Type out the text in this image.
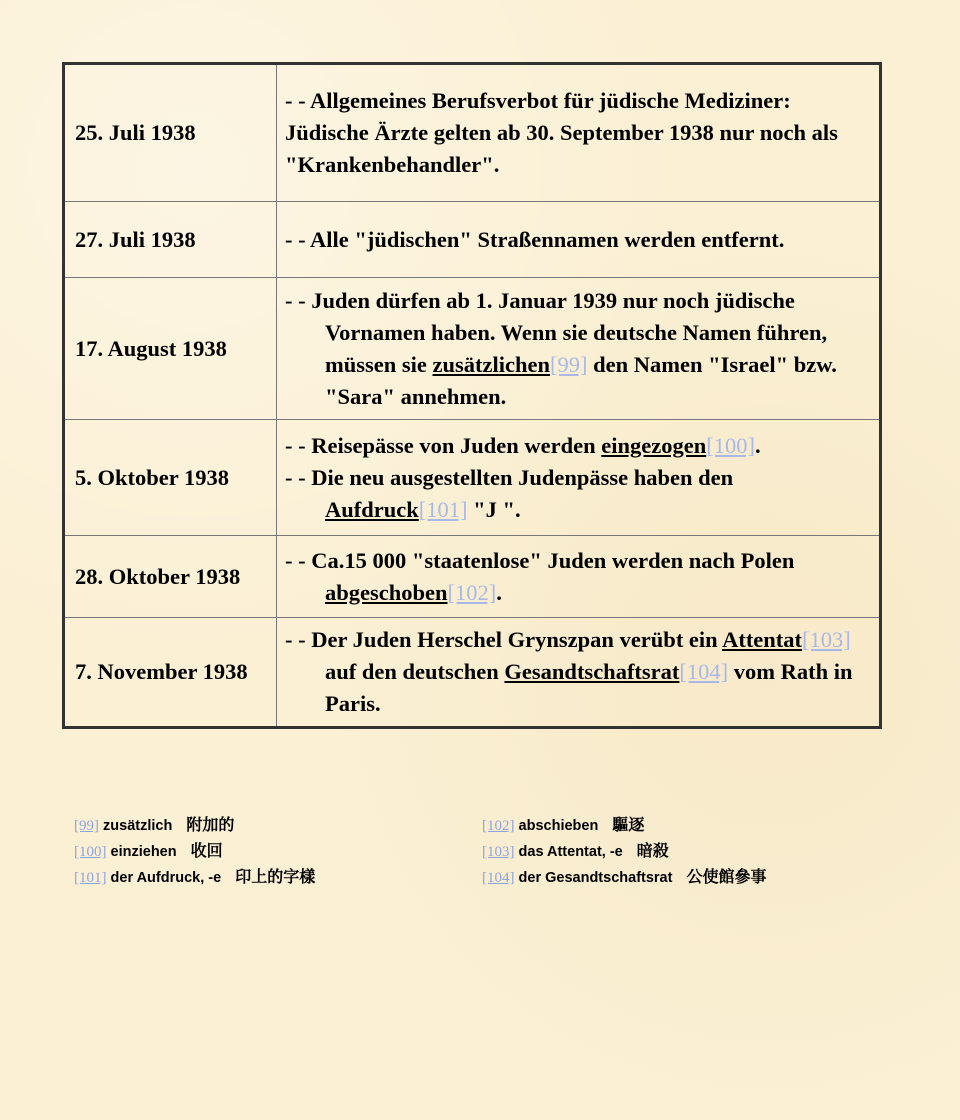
25. Juli 1938	- - Allgemeines Berufsverbot für jüdische Mediziner: Jüdische Ärzte gelten ab 30. September 1938 nur noch als "Krankenbehandler".

27. Juli 1938	- - Alle "jüdischen" Straßennamen werden entfernt.

17. August 1938	- - Juden dürfen ab 1. Januar 1939 nur noch jüdische Vornamen haben. Wenn sie deutsche Namen führen, müssen sie zusätzlichen[99] den Namen "Israel" bzw. "Sara" annehmen.

5. Oktober 1938	- - Reisepässe von Juden werden eingezogen[100].

- - Die neu ausgestellten Judenpässe haben den Aufdruck[101] "J ".

28. Oktober 1938	- - Ca.15 000 "staatenlose" Juden werden nach Polen abgeschoben[102].

7. November 1938	- - Der Juden Herschel Grynszpan verübt ein Attentat[103] auf den deutschen Gesandtschaftsrat[104] vom Rath in Paris.

[99] zusätzlich 附加的
[100] einziehen 收回
[101] der Aufdruck, -e 印上的字樣
[102] abschieben 驅逐
[103] das Attentat, -e 暗殺
[104] der Gesandtschaftsrat 公使館參事
